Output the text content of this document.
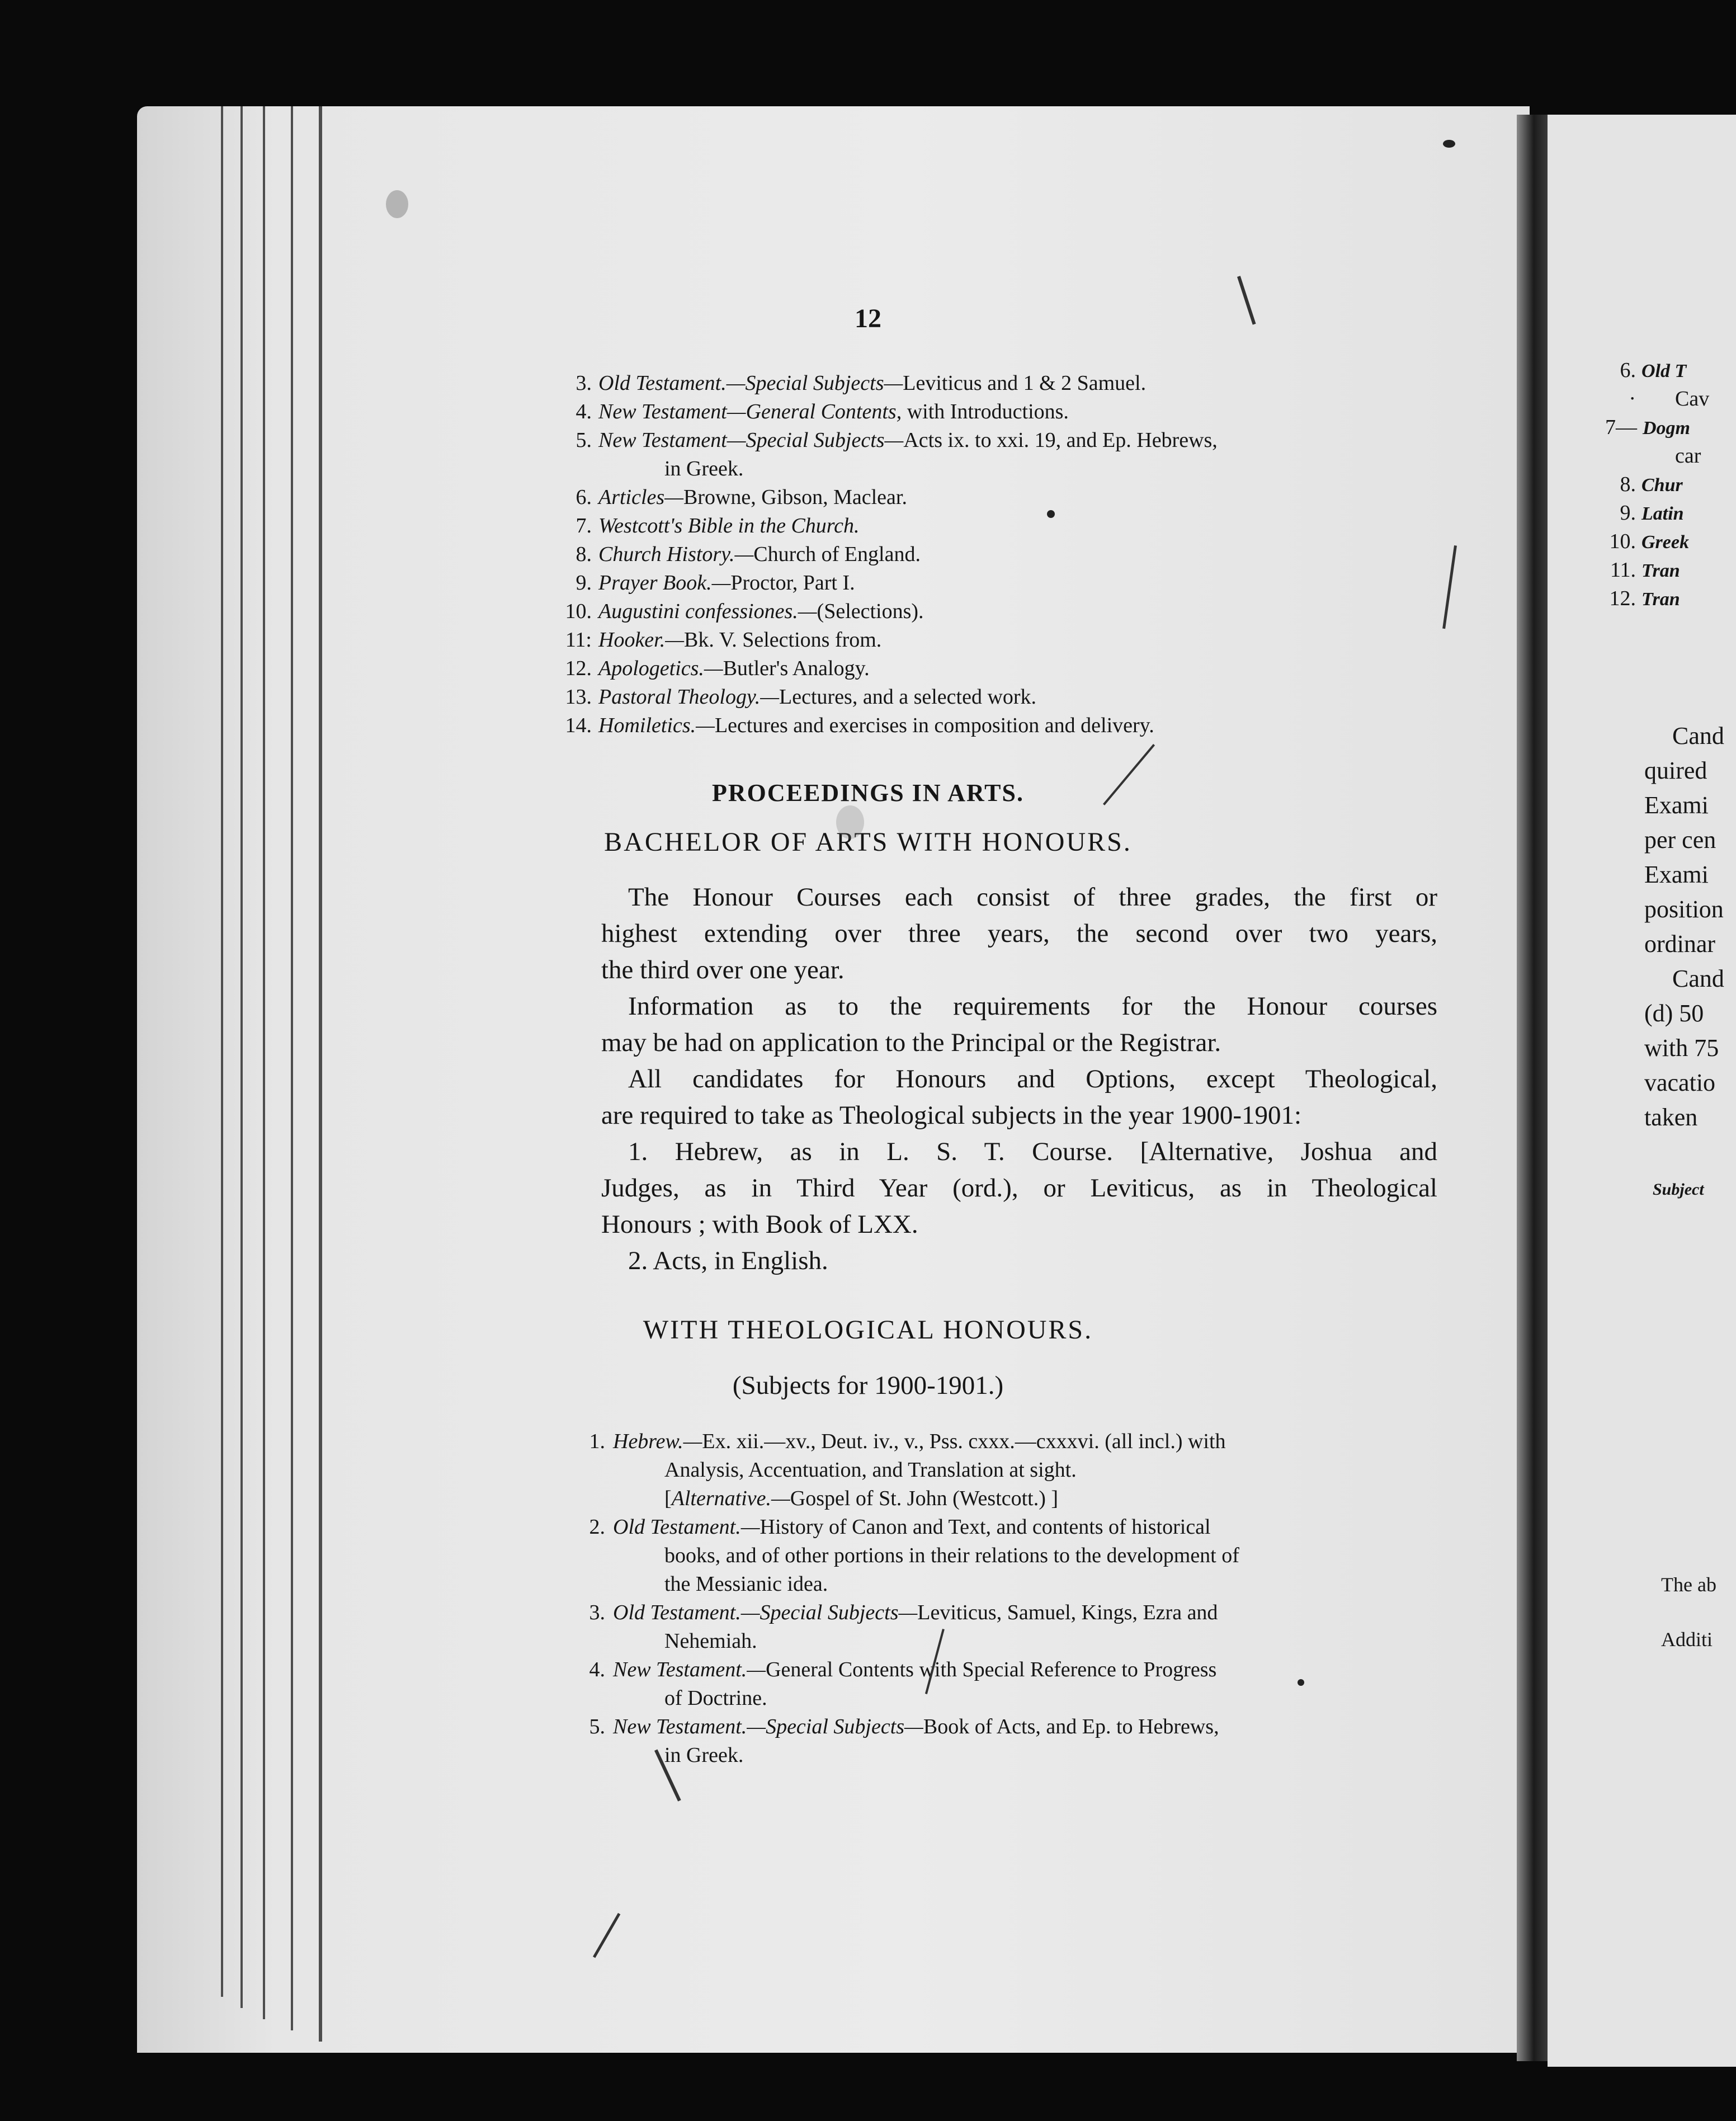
12
3. Old Testament.—Special Subjects—Leviticus and 1 & 2 Samuel.
4. New Testament—General Contents, with Introductions.
5. New Testament—Special Subjects—Acts ix. to xxi. 19, and Ep. Hebrews,
in Greek.
6. Articles—Browne, Gibson, Maclear.
7. Westcott's Bible in the Church.
8. Church History.—Church of England.
9. Prayer Book.—Proctor, Part I.
10. Augustini confessiones.—(Selections).
11: Hooker.—Bk. V. Selections from.
12. Apologetics.—Butler's Analogy.
13. Pastoral Theology.—Lectures, and a selected work.
14. Homiletics.—Lectures and exercises in composition and delivery.
PROCEEDINGS IN ARTS.
BACHELOR OF ARTS WITH HONOURS.
The Honour Courses each consist of three grades, the first or
highest extending over three years, the second over two years,
the third over one year.
Information as to the requirements for the Honour courses
may be had on application to the Principal or the Registrar.
All candidates for Honours and Options, except Theological,
are required to take as Theological subjects in the year 1900-1901:
1. Hebrew, as in L. S. T. Course. [Alternative, Joshua and
Judges, as in Third Year (ord.), or Leviticus, as in Theological
Honours ; with Book of LXX.
2. Acts, in English.
WITH THEOLOGICAL HONOURS.
(Subjects for 1900-1901.)
1. Hebrew.—Ex. xii.—xv., Deut. iv., v., Pss. cxxx.—cxxxvi. (all incl.) with
Analysis, Accentuation, and Translation at sight.
[Alternative.—Gospel of St. John (Westcott.) ]
2. Old Testament.—History of Canon and Text, and contents of historical
books, and of other portions in their relations to the development of
the Messianic idea.
3. Old Testament.—Special Subjects—Leviticus, Samuel, Kings, Ezra and
Nehemiah.
4. New Testament.—General Contents with Special Reference to Progress
of Doctrine.
5. New Testament.—Special Subjects—Book of Acts, and Ep. to Hebrews,
in Greek.
6. Old T
· Cav
7— Dogm
car
8. Chur
9. Latin
10. Greek
11. Tran
12. Tran
Cand
quired
Exami
per cen
Exami
position
ordinar
Cand
(d) 50
with 75
vacatio
taken
Subject
The ab
Additi
